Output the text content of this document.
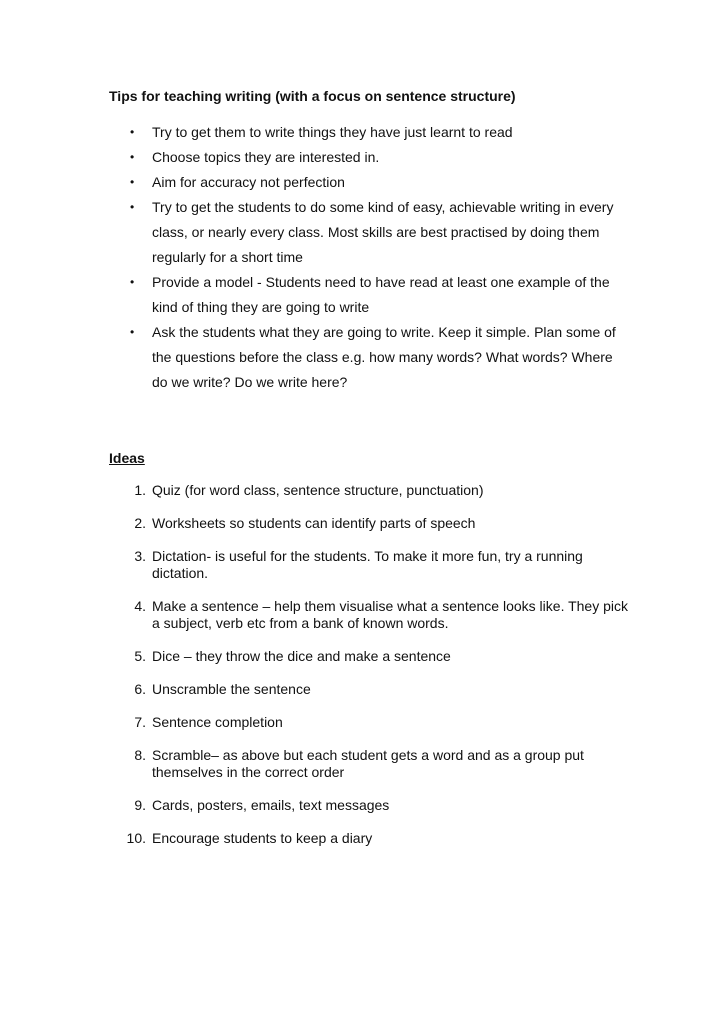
Tips for teaching writing (with a focus on sentence structure)
• Try to get them to write things they have just learnt to read
• Choose topics they are interested in.
• Aim for accuracy not perfection
• Try to get the students to do some kind of easy, achievable writing in every class, or nearly every class. Most skills are best practised by doing them regularly for a short time
• Provide a model - Students need to have read at least one example of the kind of thing they are going to write
• Ask the students what they are going to write. Keep it simple. Plan some of the questions before the class e.g. how many words? What words? Where do we write? Do we write here?
Ideas
1. Quiz (for word class, sentence structure, punctuation)
2. Worksheets so students can identify parts of speech
3. Dictation- is useful for the students. To make it more fun, try a running dictation.
4. Make a sentence – help them visualise what a sentence looks like. They pick a subject, verb etc from a bank of known words.
5. Dice – they throw the dice and make a sentence
6. Unscramble the sentence
7. Sentence completion
8. Scramble– as above but each student gets a word and as a group put themselves in the correct order
9. Cards, posters, emails, text messages
10. Encourage students to keep a diary
